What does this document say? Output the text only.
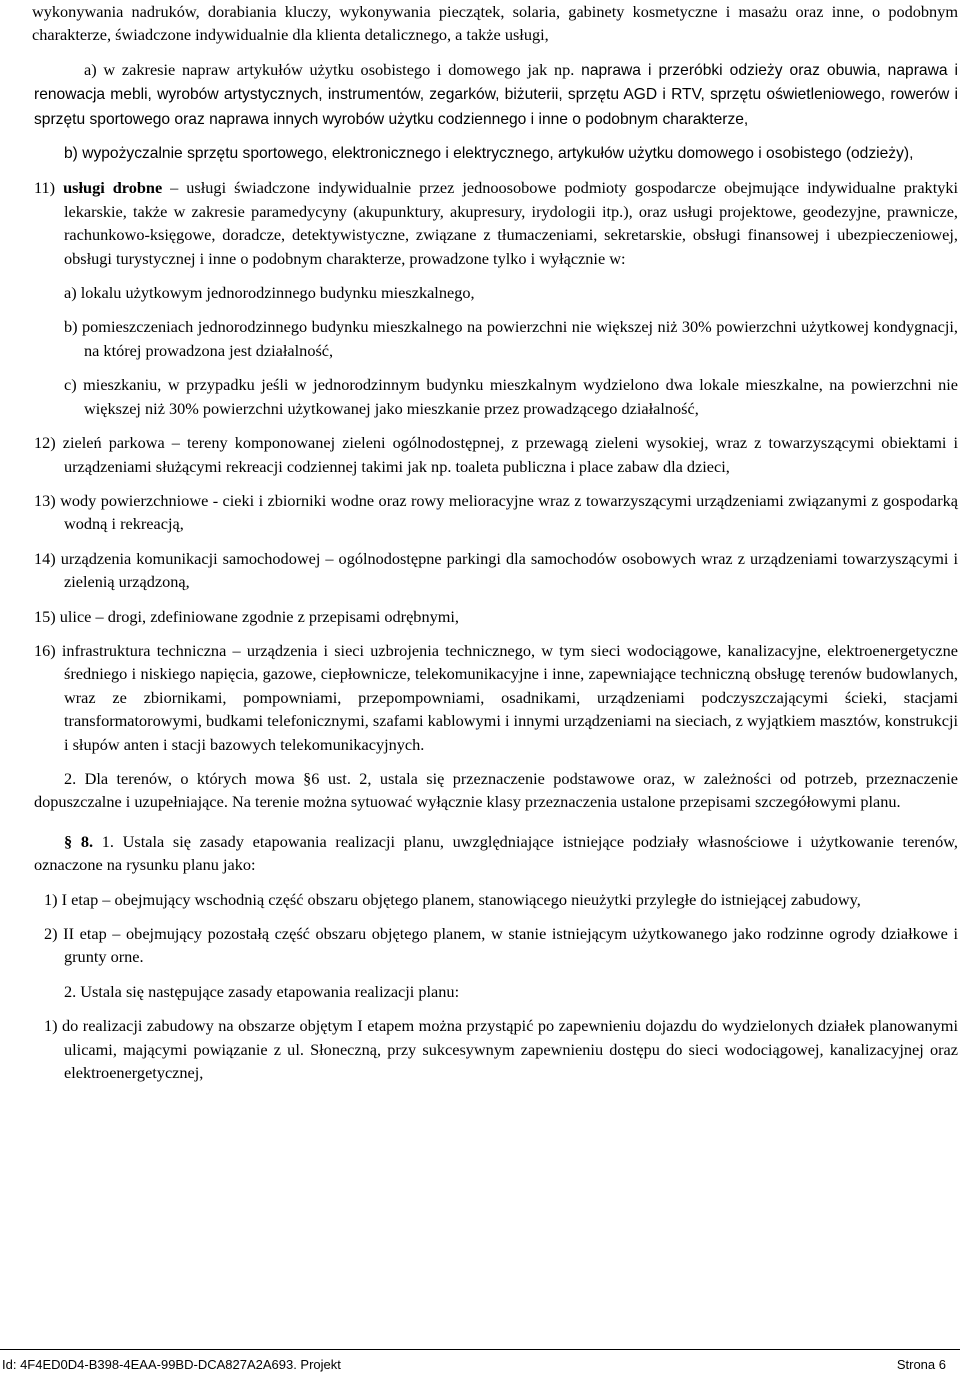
wykonywania nadruków, dorabiania kluczy, wykonywania pieczątek, solaria, gabinety kosmetyczne i masażu oraz inne, o podobnym charakterze, świadczone indywidualnie dla klienta detalicznego, a także usługi,

a) w zakresie napraw artykułów użytku osobistego i domowego jak np. naprawa i przeróbki odzieży oraz obuwia, naprawa i renowacja mebli, wyrobów artystycznych, instrumentów, zegarków, biżuterii, sprzętu AGD i RTV, sprzętu oświetleniowego, rowerów i sprzętu sportowego oraz naprawa innych wyrobów użytku codziennego i inne o podobnym charakterze,

b) wypożyczalnie sprzętu sportowego, elektronicznego i elektrycznego, artykułów użytku domowego i osobistego (odzieży),

11) usługi drobne – usługi świadczone indywidualnie przez jednoosobowe podmioty gospodarcze obejmujące indywidualne praktyki lekarskie, także w zakresie paramedycyny (akupunktury, akupresury, irydologii itp.), oraz usługi projektowe, geodezyjne, prawnicze, rachunkowo-księgowe, doradcze, detektywistyczne, związane z tłumaczeniami, sekretarskie, obsługi finansowej i ubezpieczeniowej, obsługi turystycznej i inne o podobnym charakterze, prowadzone tylko i wyłącznie w:

a) lokalu użytkowym jednorodzinnego budynku mieszkalnego,

b) pomieszczeniach jednorodzinnego budynku mieszkalnego na powierzchni nie większej niż 30% powierzchni użytkowej kondygnacji, na której prowadzona jest działalność,

c) mieszkaniu, w przypadku jeśli w jednorodzinnym budynku mieszkalnym wydzielono dwa lokale mieszkalne, na powierzchni nie większej niż 30% powierzchni użytkowanej jako mieszkanie przez prowadzącego działalność,

12) zieleń parkowa – tereny komponowanej zieleni ogólnodostępnej, z przewagą zieleni wysokiej, wraz z towarzyszącymi obiektami i urządzeniami służącymi rekreacji codziennej takimi jak np. toaleta publiczna i place zabaw dla dzieci,

13) wody powierzchniowe - cieki i zbiorniki wodne oraz rowy melioracyjne wraz z towarzyszącymi urządzeniami związanymi z gospodarką wodną i rekreacją,

14) urządzenia komunikacji samochodowej – ogólnodostępne parkingi dla samochodów osobowych wraz z urządzeniami towarzyszącymi i zielenią urządzoną,

15) ulice – drogi, zdefiniowane zgodnie z przepisami odrębnymi,

16) infrastruktura techniczna – urządzenia i sieci uzbrojenia technicznego, w tym sieci wodociągowe, kanalizacyjne, elektroenergetyczne średniego i niskiego napięcia, gazowe, ciepłownicze, telekomunikacyjne i inne, zapewniające techniczną obsługę terenów budowlanych, wraz ze zbiornikami, pompowniami, przepompowniami, osadnikami, urządzeniami podczyszczającymi ścieki, stacjami transformatorowymi, budkami telefonicznymi, szafami kablowymi i innymi urządzeniami na sieciach, z wyjątkiem masztów, konstrukcji i słupów anten i stacji bazowych telekomunikacyjnych.

2. Dla terenów, o których mowa §6 ust. 2, ustala się przeznaczenie podstawowe oraz, w zależności od potrzeb, przeznaczenie dopuszczalne i uzupełniające. Na terenie można sytuować wyłącznie klasy przeznaczenia ustalone przepisami szczegółowymi planu.

§ 8. 1. Ustala się zasady etapowania realizacji planu, uwzględniające istniejące podziały własnościowe i użytkowanie terenów, oznaczone na rysunku planu jako:

1) I etap – obejmujący wschodnią część obszaru objętego planem, stanowiącego nieużytki przyległe do istniejącej zabudowy,

2) II etap – obejmujący pozostałą część obszaru objętego planem, w stanie istniejącym użytkowanego jako rodzinne ogrody działkowe i grunty orne.

2. Ustala się następujące zasady etapowania realizacji planu:

1) do realizacji zabudowy na obszarze objętym I etapem można przystąpić po zapewnieniu dojazdu do wydzielonych działek planowanymi ulicami, mającymi powiązanie z ul. Słoneczną, przy sukcesywnym zapewnieniu dostępu do sieci wodociągowej, kanalizacyjnej oraz elektroenergetycznej,

Id: 4F4ED0D4-B398-4EAA-99BD-DCA827A2A693. Projekt	Strona 6
